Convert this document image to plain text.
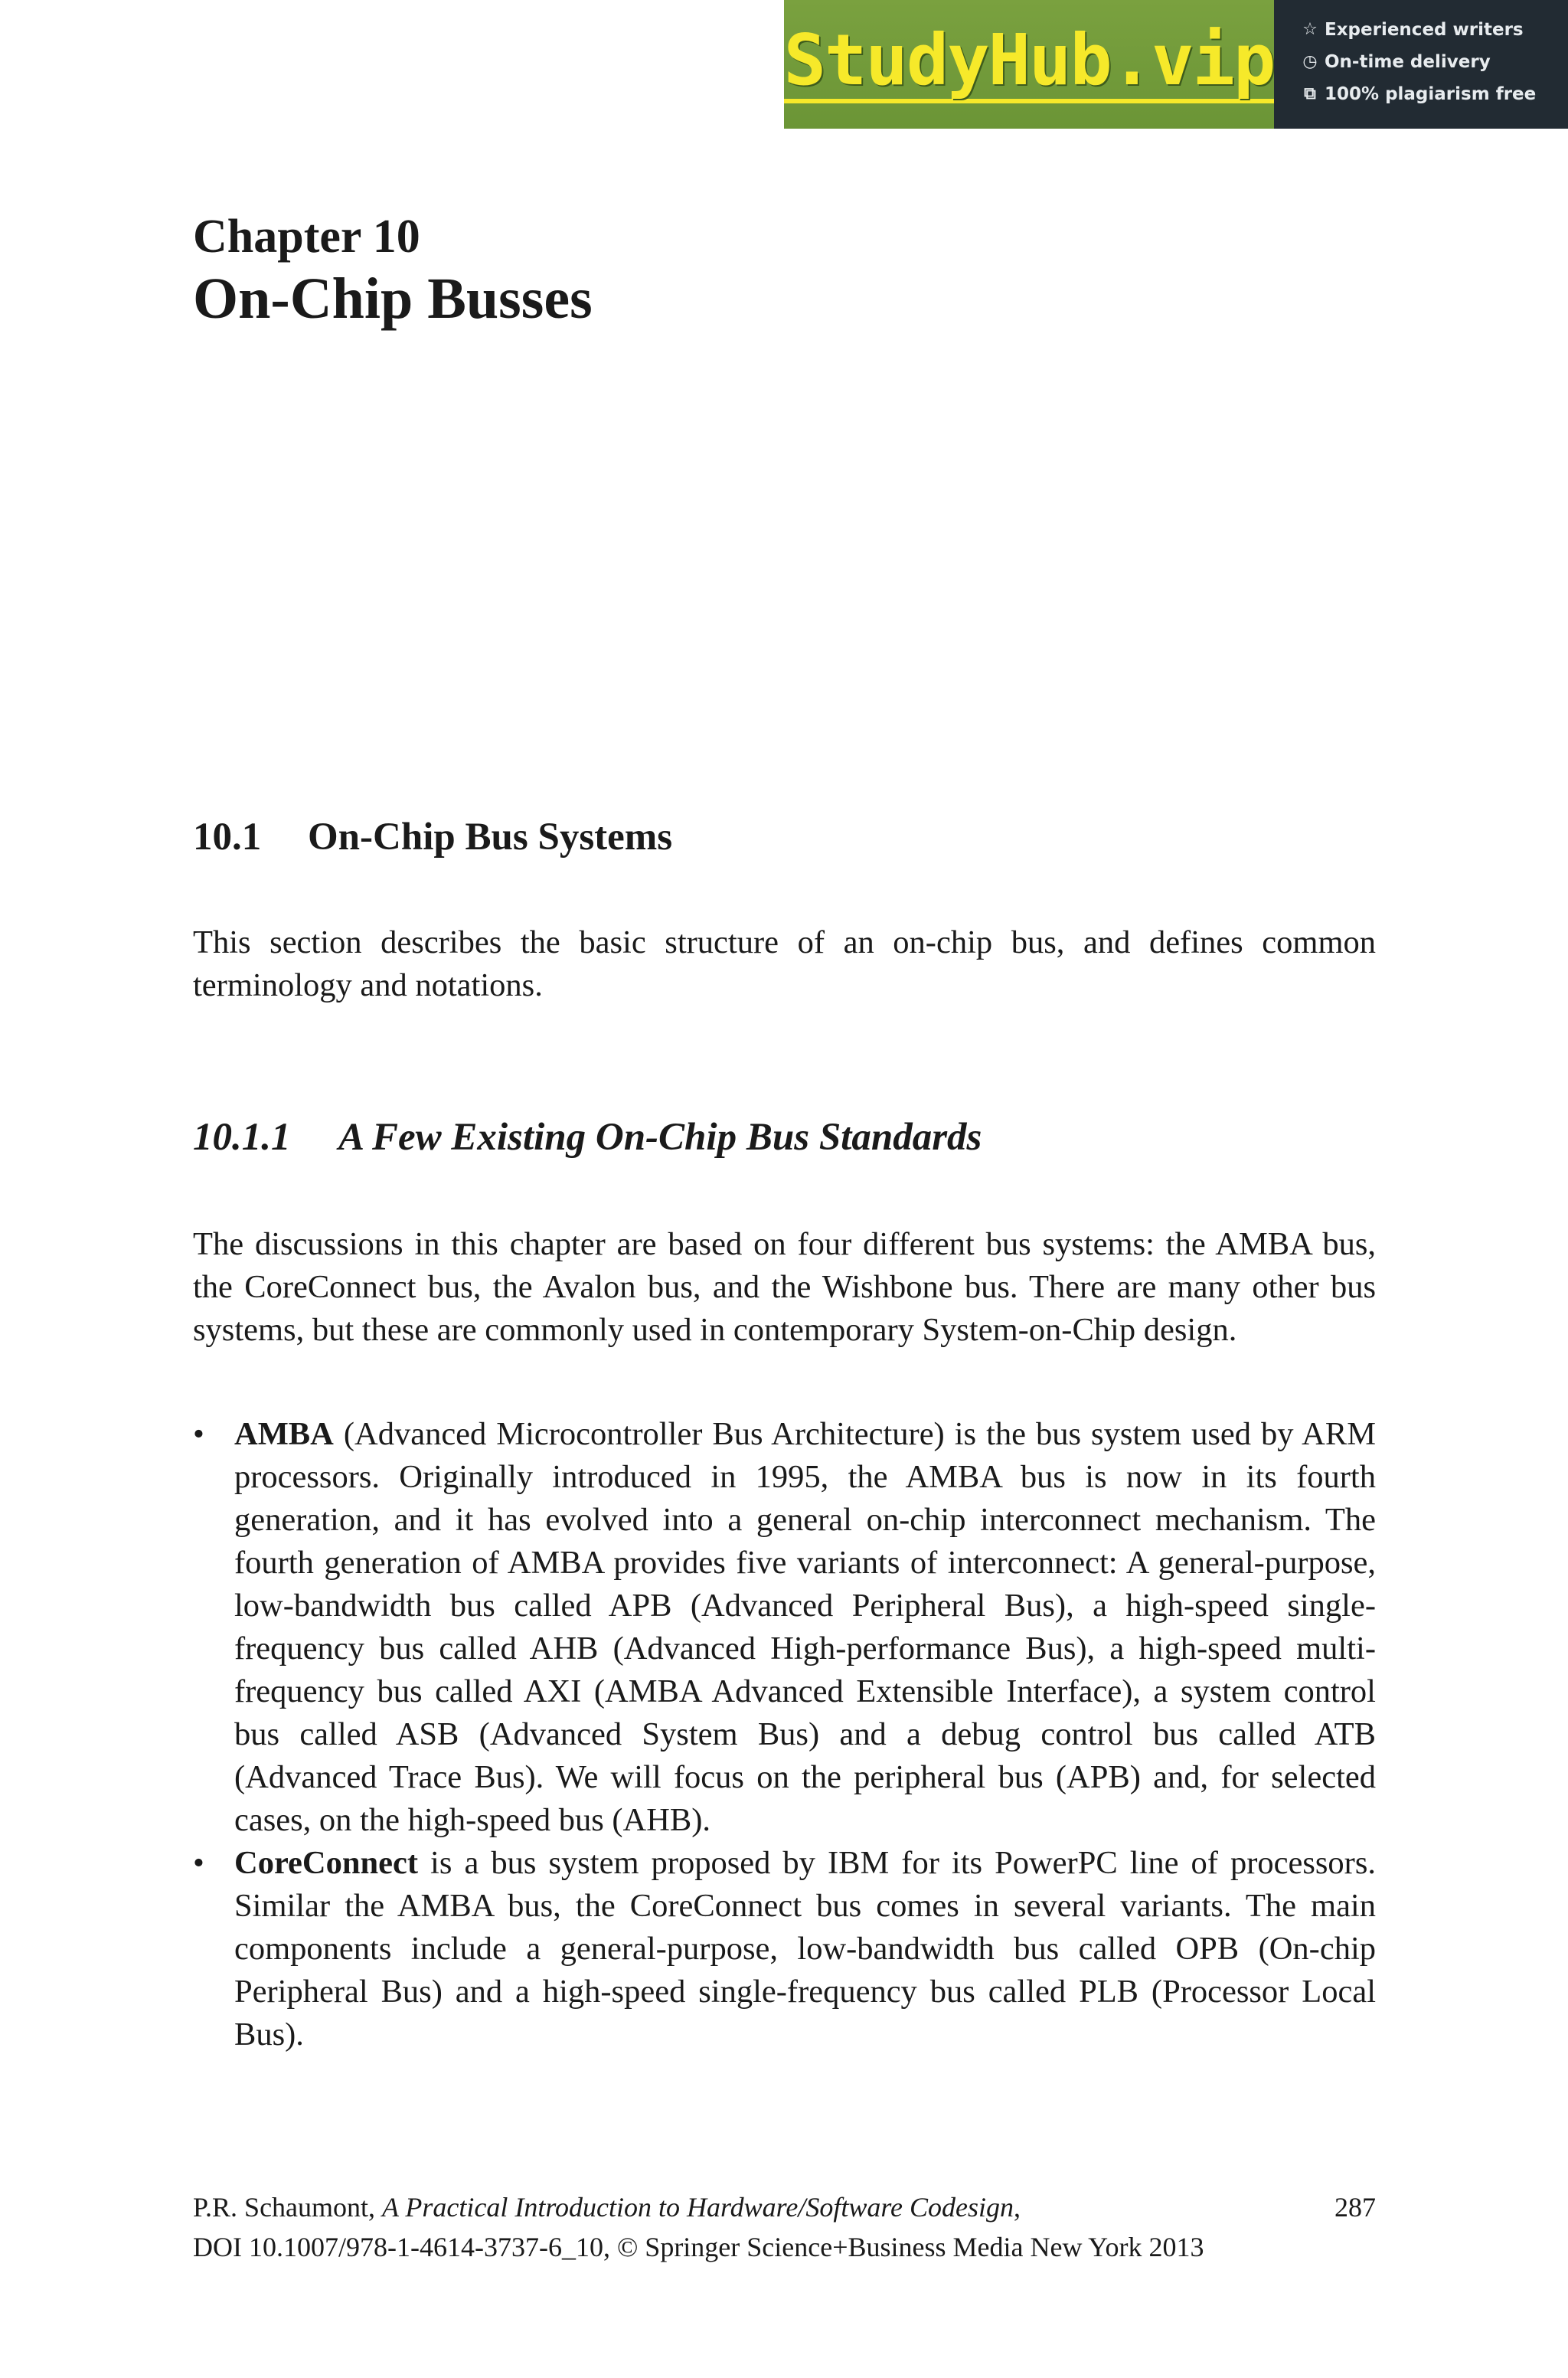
StudyHub.vip ☆ Experienced writers
◷ On-time delivery
⧉ 100% plagiarism free
Chapter 10
On-Chip Busses
10.1 On-Chip Bus Systems

This section describes the basic structure of an on-chip bus, and defines common terminology and notations.

10.1.1 A Few Existing On-Chip Bus Standards

The discussions in this chapter are based on four different bus systems: the AMBA bus, the CoreConnect bus, the Avalon bus, and the Wishbone bus. There are many other bus systems, but these are commonly used in contemporary System-on-Chip design.

• AMBA (Advanced Microcontroller Bus Architecture) is the bus system used by ARM processors. Originally introduced in 1995, the AMBA bus is now in its fourth generation, and it has evolved into a general on-chip interconnect mechanism. The fourth generation of AMBA provides five variants of interconnect: A general-purpose, low-bandwidth bus called APB (Advanced Peripheral Bus), a high-speed single-frequency bus called AHB (Advanced High-performance Bus), a high-speed multi-frequency bus called AXI (AMBA Advanced Extensible Interface), a system control bus called ASB (Advanced System Bus) and a debug control bus called ATB (Advanced Trace Bus). We will focus on the peripheral bus (APB) and, for selected cases, on the high-speed bus (AHB).
• CoreConnect is a bus system proposed by IBM for its PowerPC line of processors. Similar the AMBA bus, the CoreConnect bus comes in several variants. The main components include a general-purpose, low-bandwidth bus called OPB (On-chip Peripheral Bus) and a high-speed single-frequency bus called PLB (Processor Local Bus).
P.R. Schaumont, A Practical Introduction to Hardware/Software Codesign,
DOI 10.1007/978-1-4614-3737-6_10, © Springer Science+Business Media New York 2013
287
